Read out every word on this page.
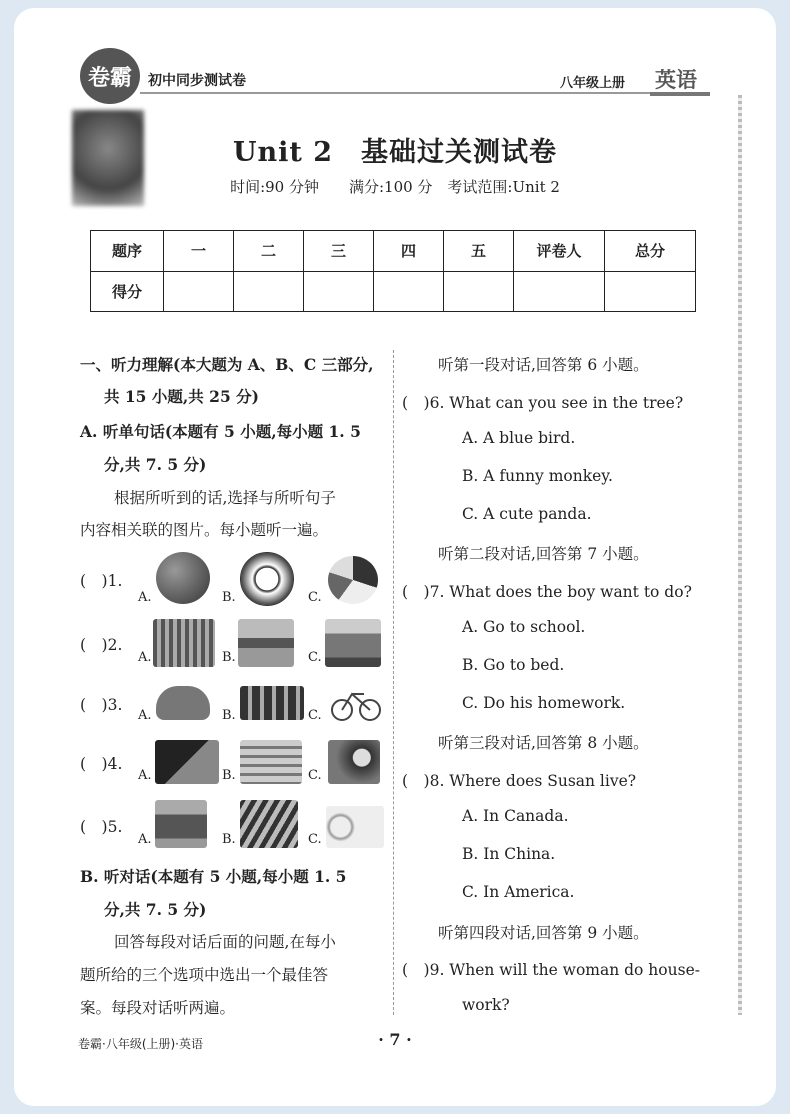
卷霸 初中同步测试卷	八年级上册 英语
Unit 2　基础过关测试卷
时间:90 分钟　　满分:100 分　考试范围:Unit 2
题序	一	二	三	四	五	评卷人	总分
得分							
一、听力理解(本大题为 A、B、C 三部分,
共 15 小题,共 25 分)
A. 听单句话(本题有 5 小题,每小题 1. 5
分,共 7. 5 分)
根据所听到的话,选择与所听句子
内容相关联的图片。每小题听一遍。
(　)1.
A.	B.	C.
(　)2.
A.	B.	C.
(　)3.
A.	B.	C.
(　)4.
A.	B.	C.
(　)5.
A.	B.	C.
B. 听对话(本题有 5 小题,每小题 1. 5
分,共 7. 5 分)
回答每段对话后面的问题,在每小
题所给的三个选项中选出一个最佳答
案。每段对话听两遍。
听第一段对话,回答第 6 小题。
(　)6. What can you see in the tree?
A. A blue bird.
B. A funny monkey.
C. A cute panda.
听第二段对话,回答第 7 小题。
(　)7. What does the boy want to do?
A. Go to school.
B. Go to bed.
C. Do his homework.
听第三段对话,回答第 8 小题。
(　)8. Where does Susan live?
A. In Canada.
B. In China.
C. In America.
听第四段对话,回答第 9 小题。
(　)9. When will the woman do house-
work?
卷霸·八年级(上册)·英语	· 7 ·
